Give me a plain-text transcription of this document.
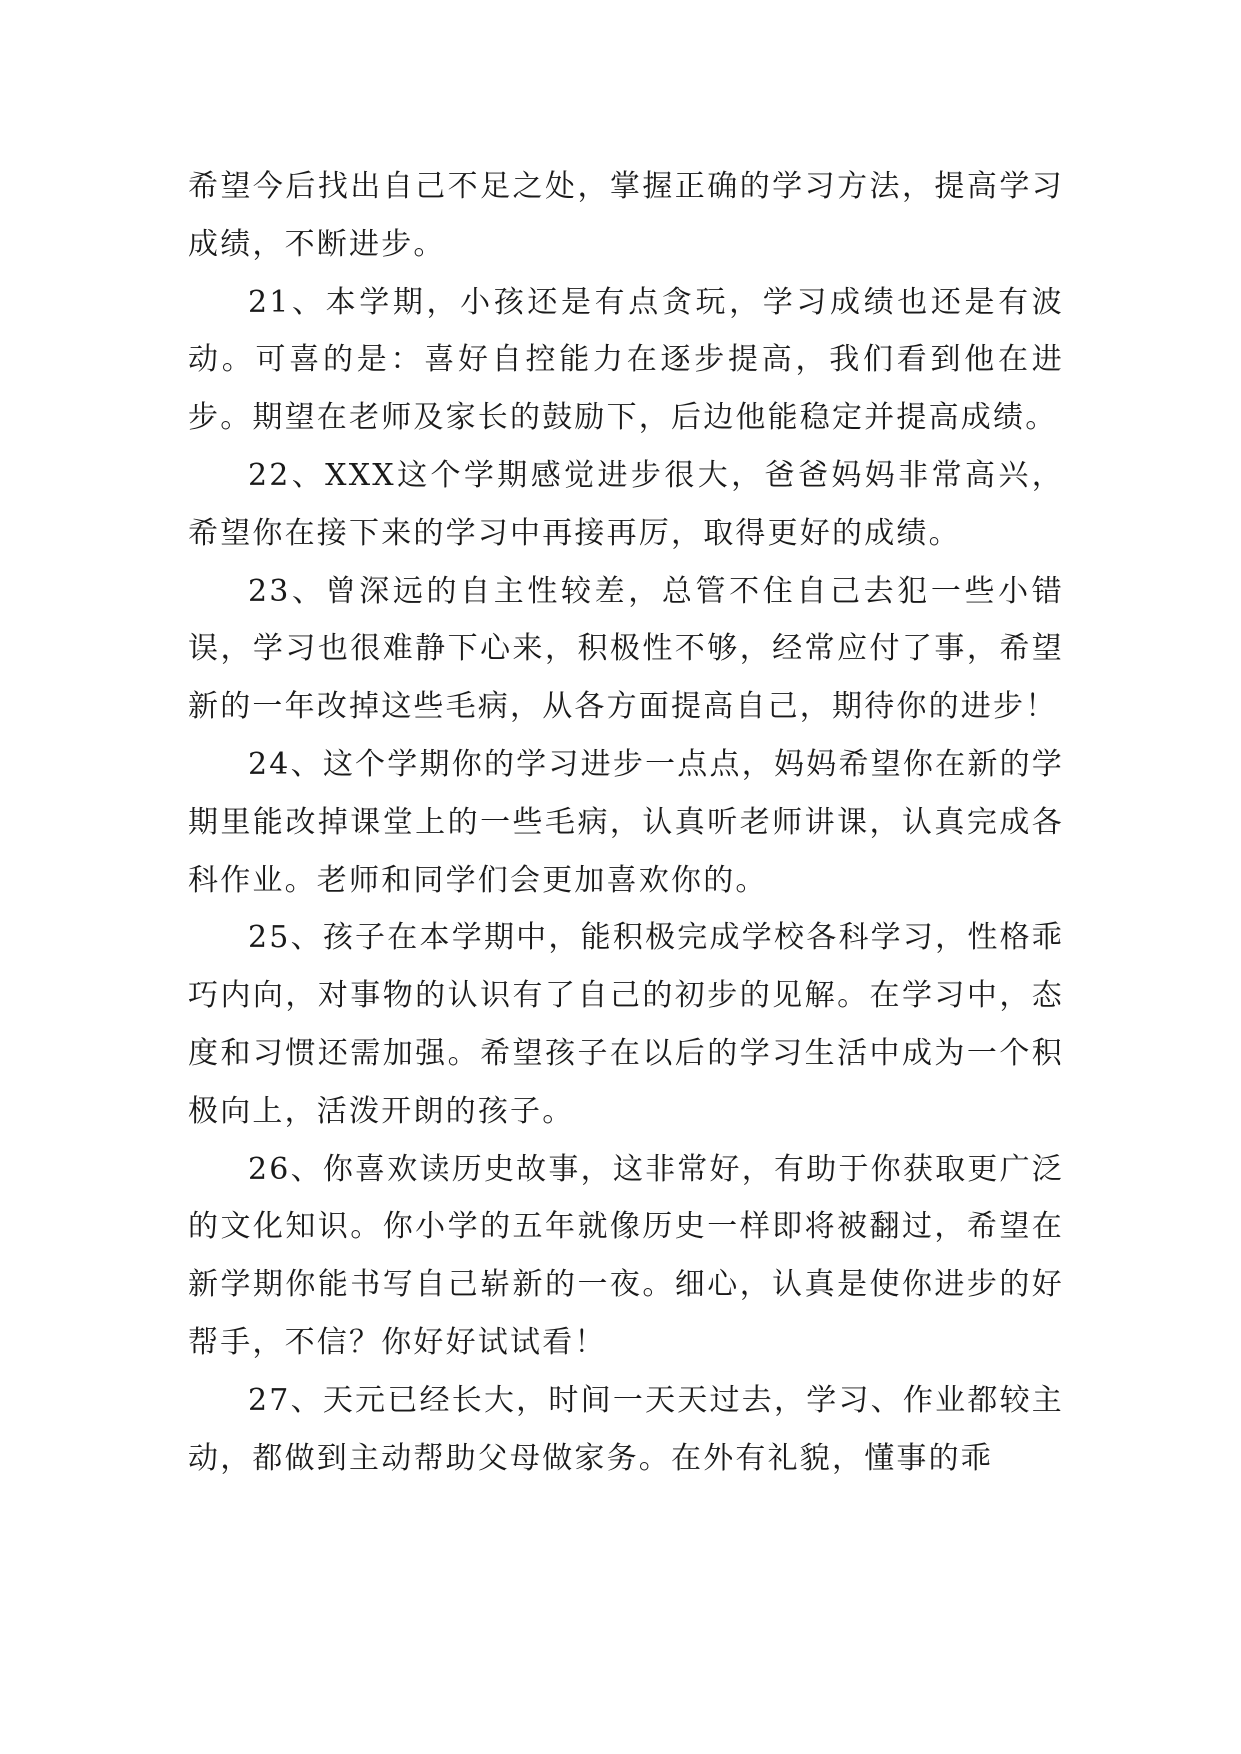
希望今后找出自己不足之处，掌握正确的学习方法，提高学习成绩，不断进步。

21、本学期，小孩还是有点贪玩，学习成绩也还是有波动。可喜的是：喜好自控能力在逐步提高，我们看到他在进步。期望在老师及家长的鼓励下，后边他能稳定并提高成绩。

22、XXX这个学期感觉进步很大，爸爸妈妈非常高兴，希望你在接下来的学习中再接再厉，取得更好的成绩。

23、曾深远的自主性较差，总管不住自己去犯一些小错误，学习也很难静下心来，积极性不够，经常应付了事，希望新的一年改掉这些毛病，从各方面提高自己，期待你的进步！

24、这个学期你的学习进步一点点，妈妈希望你在新的学期里能改掉课堂上的一些毛病，认真听老师讲课，认真完成各科作业。老师和同学们会更加喜欢你的。

25、孩子在本学期中，能积极完成学校各科学习，性格乖巧内向，对事物的认识有了自己的初步的见解。在学习中，态度和习惯还需加强。希望孩子在以后的学习生活中成为一个积极向上，活泼开朗的孩子。

26、你喜欢读历史故事，这非常好，有助于你获取更广泛的文化知识。你小学的五年就像历史一样即将被翻过，希望在新学期你能书写自己崭新的一夜。细心，认真是使你进步的好帮手，不信？你好好试试看！

27、天元已经长大，时间一天天过去，学习、作业都较主动，都做到主动帮助父母做家务。在外有礼貌，懂事的乖
